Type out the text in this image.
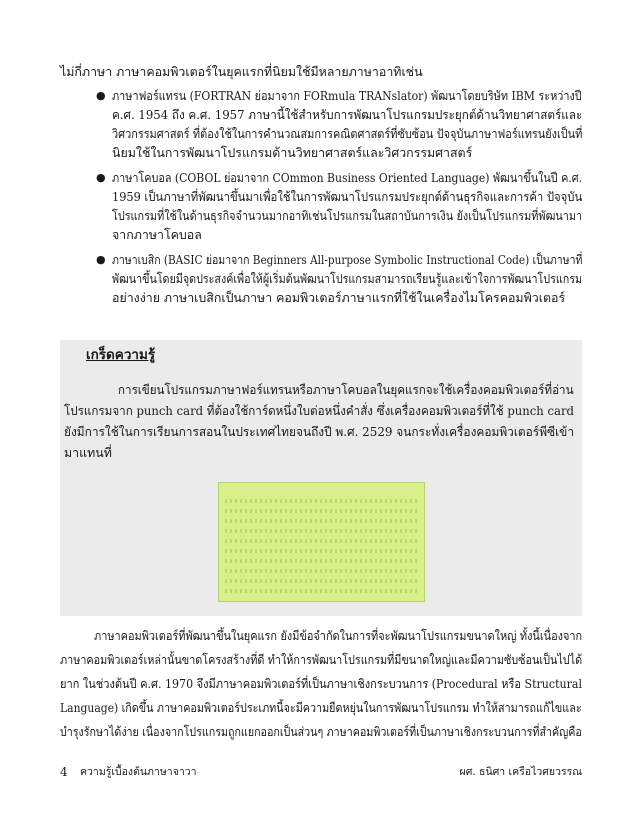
ไม่กี่ภาษา ภาษาคอมพิวเตอร์ในยุคแรกที่นิยมใช้มีหลายภาษาอาทิเช่น
● ภาษาฟอร์แทรน (FORTRAN ย่อมาจาก FORmula TRANslator) พัฒนาโดยบริษัท IBM ระหว่างปี
ค.ศ. 1954 ถึง ค.ศ. 1957 ภาษานี้ใช้สำหรับการพัฒนาโปรแกรมประยุกต์ด้านวิทยาศาสตร์และ
วิศวกรรมศาสตร์ ที่ต้องใช้ในการคำนวณสมการคณิตศาสตร์ที่ซับซ้อน ปัจจุบันภาษาฟอร์แทรนยังเป็นที่
นิยมใช้ในการพัฒนาโปรแกรมด้านวิทยาศาสตร์และวิศวกรรมศาสตร์
● ภาษาโคบอล (COBOL ย่อมาจาก COmmon Business Oriented Language) พัฒนาขึ้นในปี ค.ศ.
1959 เป็นภาษาที่พัฒนาขึ้นมาเพื่อใช้ในการพัฒนาโปรแกรมประยุกต์ด้านธุรกิจและการค้า ปัจจุบัน
โปรแกรมที่ใช้ในด้านธุรกิจจำนวนมากอาทิเช่นโปรแกรมในสถาบันการเงิน ยังเป็นโปรแกรมที่พัฒนามา
จากภาษาโคบอล
● ภาษาเบสิก (BASIC ย่อมาจาก Beginners All-purpose Symbolic Instructional Code) เป็นภาษาที่
พัฒนาขึ้นโดยมีจุดประสงค์เพื่อให้ผู้เริ่มต้นพัฒนาโปรแกรมสามารถเรียนรู้และเข้าใจการพัฒนาโปรแกรม
อย่างง่าย ภาษาเบสิกเป็นภาษา คอมพิวเตอร์ภาษาแรกที่ใช้ในเครื่องไมโครคอมพิวเตอร์
เกร็ดความรู้
การเขียนโปรแกรมภาษาฟอร์แทรนหรือภาษาโคบอลในยุคแรกจะใช้เครื่องคอมพิวเตอร์ที่อ่าน
โปรแกรมจาก punch card ที่ต้องใช้การ์ดหนึ่งใบต่อหนึ่งคำสั่ง ซึ่งเครื่องคอมพิวเตอร์ที่ใช้ punch card
ยังมีการใช้ในการเรียนการสอนในประเทศไทยจนถึงปี พ.ศ. 2529 จนกระทั่งเครื่องคอมพิวเตอร์พีซีเข้า
มาแทนที่

ภาษาคอมพิวเตอร์ที่พัฒนาขึ้นในยุคแรก ยังมีข้อจำกัดในการที่จะพัฒนาโปรแกรมขนาดใหญ่ ทั้งนี้เนื่องจาก
ภาษาคอมพิวเตอร์เหล่านั้นขาดโครงสร้างที่ดี ทำให้การพัฒนาโปรแกรมที่มีขนาดใหญ่และมีความซับซ้อนเป็นไปได้
ยาก ในช่วงต้นปี ค.ศ. 1970 จึงมีภาษาคอมพิวเตอร์ที่เป็นภาษาเชิงกระบวนการ (Procedural หรือ Structural
Language) เกิดขึ้น ภาษาคอมพิวเตอร์ประเภทนี้จะมีความยืดหยุ่นในการพัฒนาโปรแกรม ทำให้สามารถแก้ไขและ
บำรุงรักษาได้ง่าย เนื่องจากโปรแกรมถูกแยกออกเป็นส่วนๆ ภาษาคอมพิวเตอร์ที่เป็นภาษาเชิงกระบวนการที่สำคัญคือ
4 ความรู้เบื้องต้นภาษาจาวา	ผศ. ธนิศา เครือไวศยวรรณ
